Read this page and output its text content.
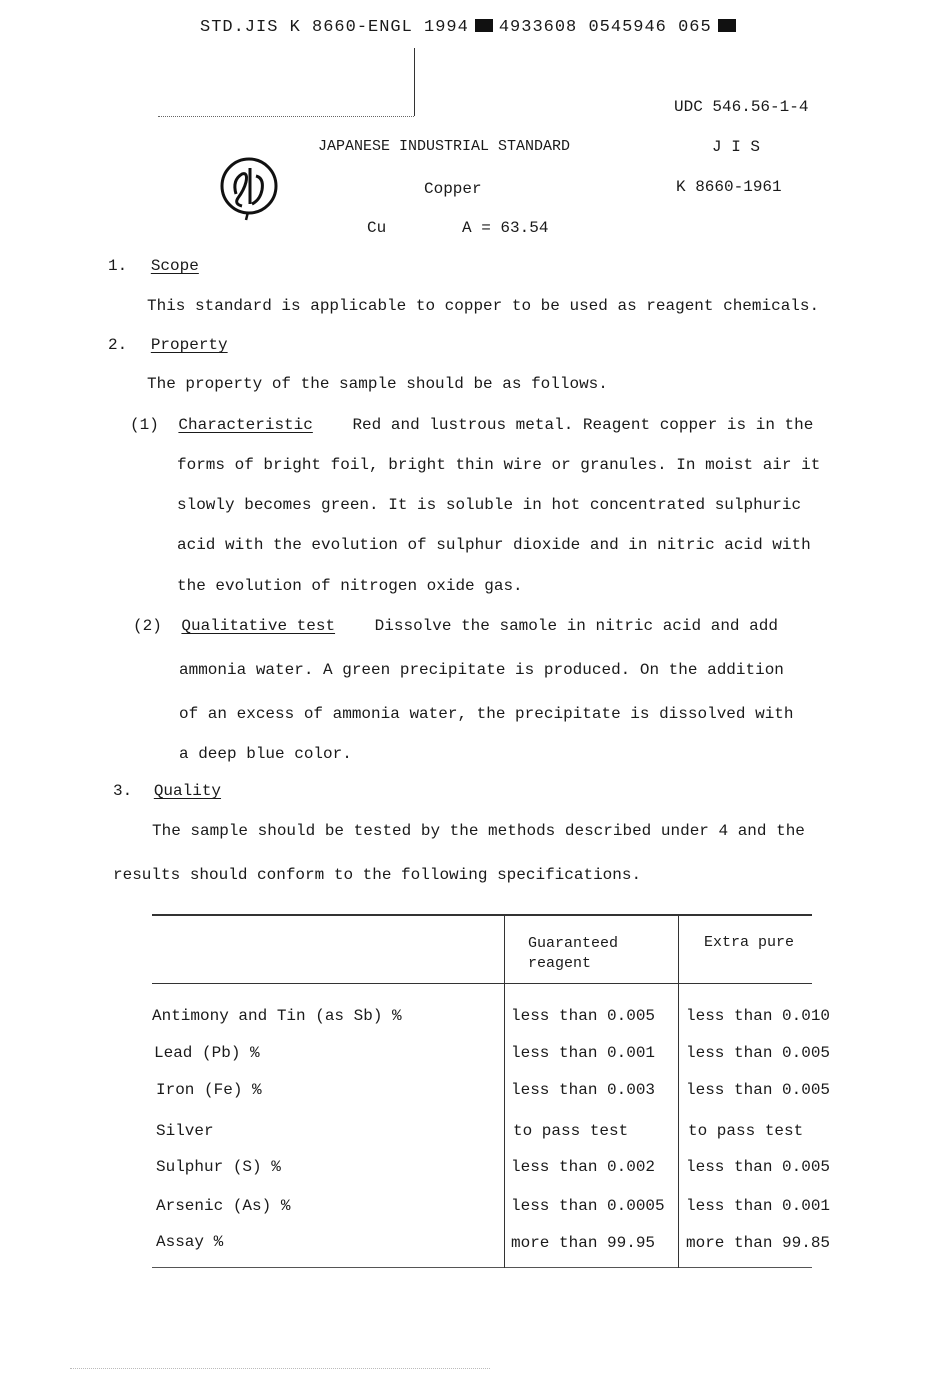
STD.JIS K 8660-ENGL 1994 4933608 0545946 065
UDC 546.56-1-4
JAPANESE INDUSTRIAL STANDARD	J I S
Copper	K 8660-1961
Cu	A = 63.54
1. Scope
This standard is applicable to copper to be used as reagent chemicals.
2. Property
The property of the sample should be as follows.
(1) Characteristic Red and lustrous metal. Reagent copper is in the
forms of bright foil, bright thin wire or granules. In moist air it
slowly becomes green. It is soluble in hot concentrated sulphuric
acid with the evolution of sulphur dioxide and in nitric acid with
the evolution of nitrogen oxide gas.
(2) Qualitative test Dissolve the samole in nitric acid and add
ammonia water. A green precipitate is produced. On the addition
of an excess of ammonia water, the precipitate is dissolved with
a deep blue color.
3. Quality
The sample should be tested by the methods described under 4 and the
results should conform to the following specifications.
Guaranteed
reagent
Extra pure
Antimony and Tin (as Sb) %	less than 0.005 less than 0.010
Lead (Pb) %	less than 0.001 less than 0.005
Iron (Fe) %	less than 0.003 less than 0.005
Silver	to pass test	to pass test
Sulphur (S) %	less than 0.002 less than 0.005
Arsenic (As) %	less than 0.0005 less than 0.001
Assay %	more than 99.95 more than 99.85
